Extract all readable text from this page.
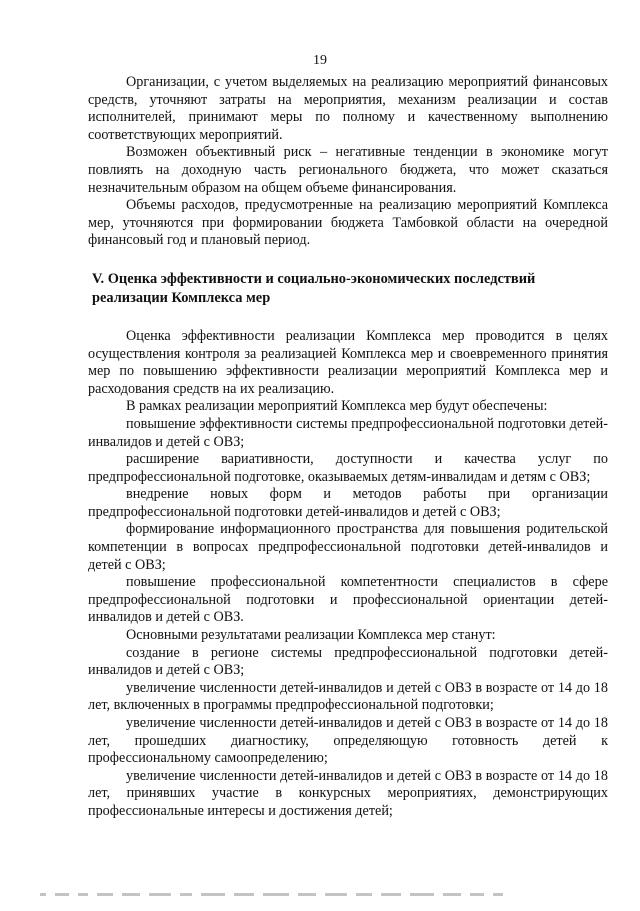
19

Организации, с учетом выделяемых на реализацию мероприятий финансовых средств, уточняют затраты на мероприятия, механизм реализации и состав исполнителей, принимают меры по полному и качественному выполнению соответствующих мероприятий.

Возможен объективный риск – негативные тенденции в экономике могут повлиять на доходную часть регионального бюджета, что может сказаться незначительным образом на общем объеме финансирования.

Объемы расходов, предусмотренные на реализацию мероприятий Комплекса мер, уточняются при формировании бюджета Тамбовкой области на очередной финансовый год и плановый период.

V. Оценка эффективности и социально-экономических последствий

реализации Комплекса мер

Оценка эффективности реализации Комплекса мер проводится в целях осуществления контроля за реализацией Комплекса мер и своевременного принятия мер по повышению эффективности реализации мероприятий Комплекса мер и расходования средств на их реализацию.

В рамках реализации мероприятий Комплекса мер будут обеспечены:

повышение эффективности системы предпрофессиональной подготовки детей-инвалидов и детей с ОВЗ;

расширение вариативности, доступности и качества услуг по предпрофессиональной подготовке, оказываемых детям-инвалидам и детям с ОВЗ;

внедрение новых форм и методов работы при организации предпрофессиональной подготовки детей-инвалидов и детей с ОВЗ;

формирование информационного пространства для повышения родительской компетенции в вопросах предпрофессиональной подготовки детей-инвалидов и детей с ОВЗ;

повышение профессиональной компетентности специалистов в сфере предпрофессиональной подготовки и профессиональной ориентации детей-инвалидов и детей с ОВЗ.

Основными результатами реализации Комплекса мер станут:

создание в регионе системы предпрофессиональной подготовки детей-инвалидов и детей с ОВЗ;

увеличение численности детей-инвалидов и детей с ОВЗ в возрасте от 14 до 18 лет, включенных в программы предпрофессиональной подготовки;

увеличение численности детей-инвалидов и детей с ОВЗ в возрасте от 14 до 18 лет, прошедших диагностику, определяющую готовность детей к профессиональному самоопределению;

увеличение численности детей-инвалидов и детей с ОВЗ в возрасте от 14 до 18 лет, принявших участие в конкурсных мероприятиях, демонстрирующих профессиональные интересы и достижения детей;
